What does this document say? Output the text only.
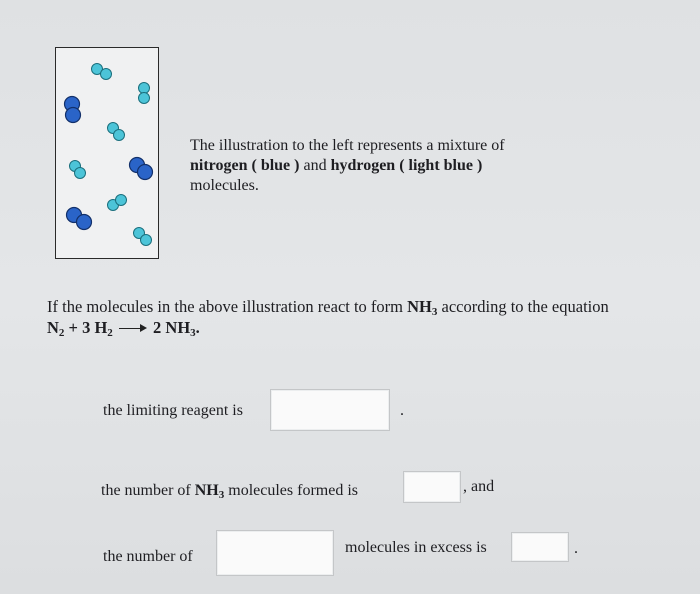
The illustration to the left represents a mixture of
nitrogen ( blue ) and hydrogen ( light blue )
molecules.
If the molecules in the above illustration react to form $NH_3$ according to the equation
$N_2 + 3$ $H_2$ 2 $NH_3$.
the limiting reagent is	.
the number of $NH_3$ molecules formed is	, and
the number of
molecules in excess is	.
